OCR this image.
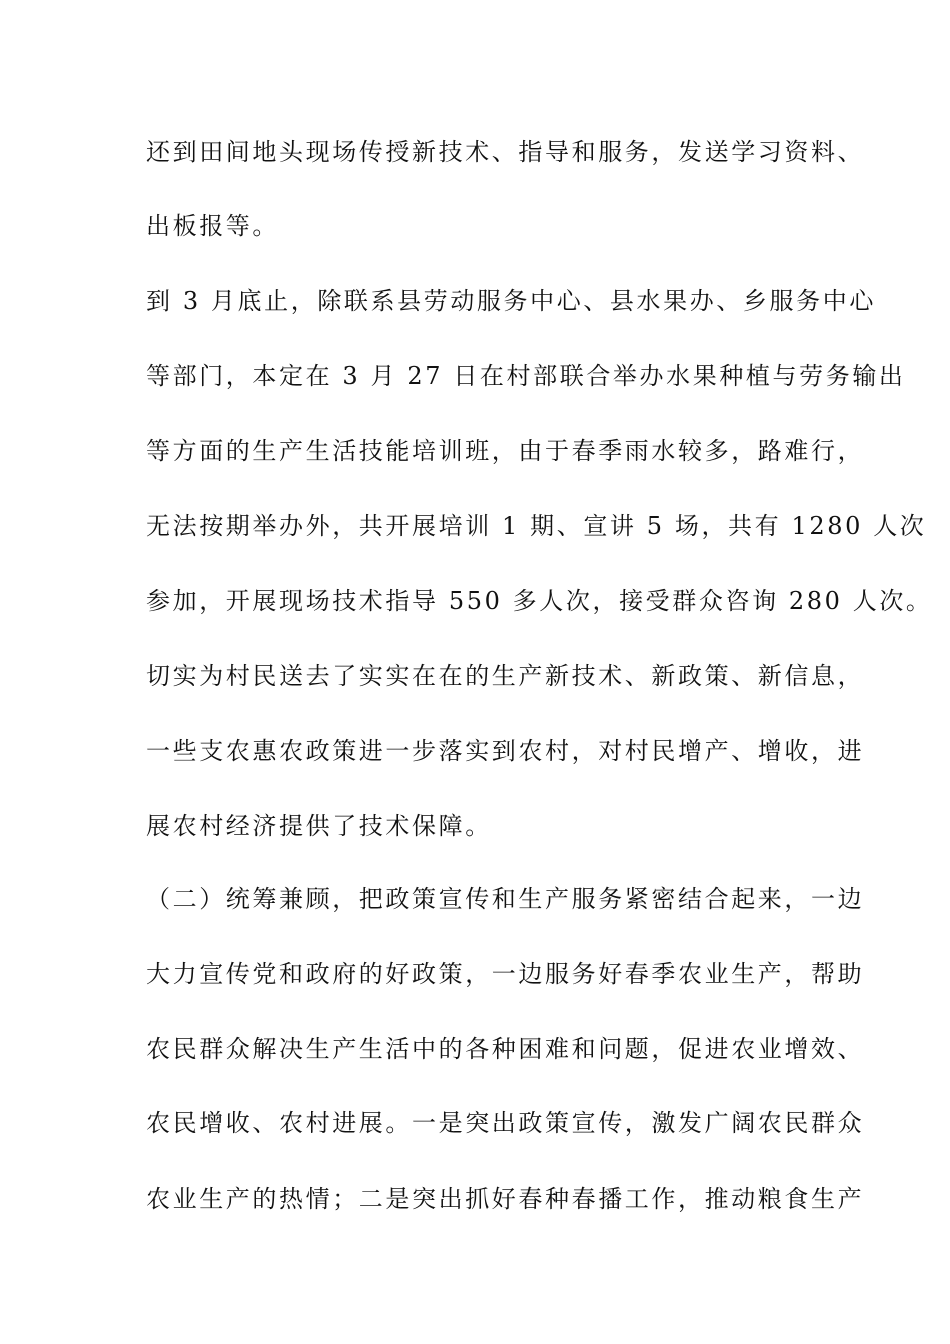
还到田间地头现场传授新技术、指导和服务，发送学习资料、
出板报等。
到 3 月底止，除联系县劳动服务中心、县水果办、乡服务中心
等部门，本定在 3 月 27 日在村部联合举办水果种植与劳务输出
等方面的生产生活技能培训班，由于春季雨水较多，路难行，
无法按期举办外，共开展培训 1 期、宣讲 5 场，共有 1280 人次
参加，开展现场技术指导 550 多人次，接受群众咨询 280 人次。
切实为村民送去了实实在在的生产新技术、新政策、新信息，
一些支农惠农政策进一步落实到农村，对村民增产、增收，进
展农村经济提供了技术保障。
（二）统筹兼顾，把政策宣传和生产服务紧密结合起来，一边
大力宣传党和政府的好政策，一边服务好春季农业生产，帮助
农民群众解决生产生活中的各种困难和问题，促进农业增效、
农民增收、农村进展。一是突出政策宣传，激发广阔农民群众
农业生产的热情；二是突出抓好春种春播工作，推动粮食生产
